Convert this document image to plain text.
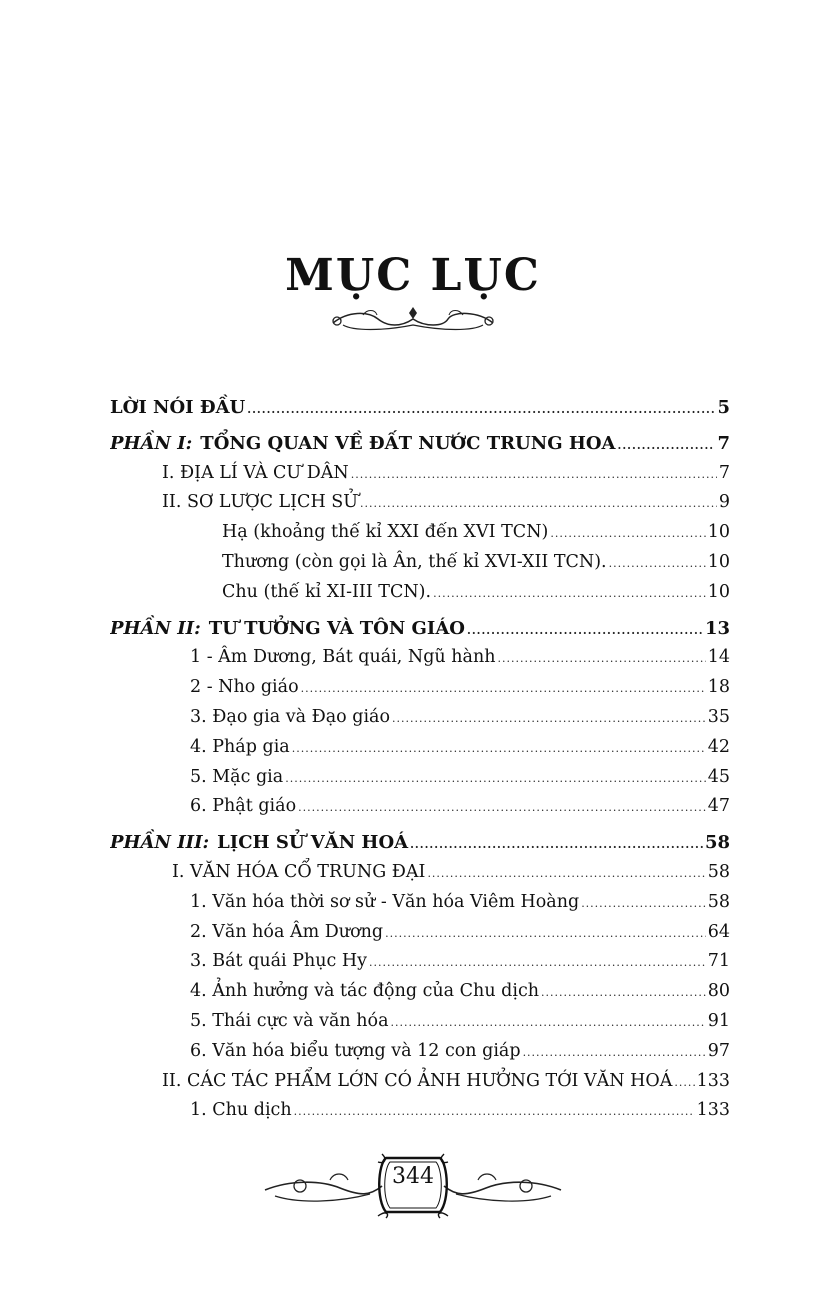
MỤC LỤC
LỜI NÓI ĐẦU .....	5
PHẦN I: TỔNG QUAN VỀ ĐẤT NƯỚC TRUNG HOA .....	7
I. ĐỊA LÍ VÀ CƯ DÂN .....	7
II. SƠ LƯỢC LỊCH SỬ .....	9
Hạ (khoảng thế kỉ XXI đến XVI TCN) .....	10
Thương (còn gọi là Ân, thế kỉ XVI-XII TCN). .....	10
Chu (thế kỉ XI-III TCN). .....	10
PHẦN II: TƯ TƯỞNG VÀ TÔN GIÁO .....	13
1 - Âm Dương, Bát quái, Ngũ hành .....	14
2 - Nho giáo .....	18
3. Đạo gia và Đạo giáo .....	35
4. Pháp gia .....	42
5. Mặc gia .....	45
6. Phật giáo .....	47
PHẦN III: LỊCH SỬ VĂN HOÁ .....	58
I. VĂN HÓA CỔ TRUNG ĐẠI .....	58
1. Văn hóa thời sơ sử - Văn hóa Viêm Hoàng .....	58
2. Văn hóa Âm Dương .....	64
3. Bát quái Phục Hy .....	71
4. Ảnh hưởng và tác động của Chu dịch .....	80
5. Thái cực và văn hóa .....	91
6. Văn hóa biểu tượng và 12 con giáp .....	97
II. CÁC TÁC PHẨM LỚN CÓ ẢNH HƯỞNG TỚI VĂN HOÁ ..... 133
1. Chu dịch .....	133
344
